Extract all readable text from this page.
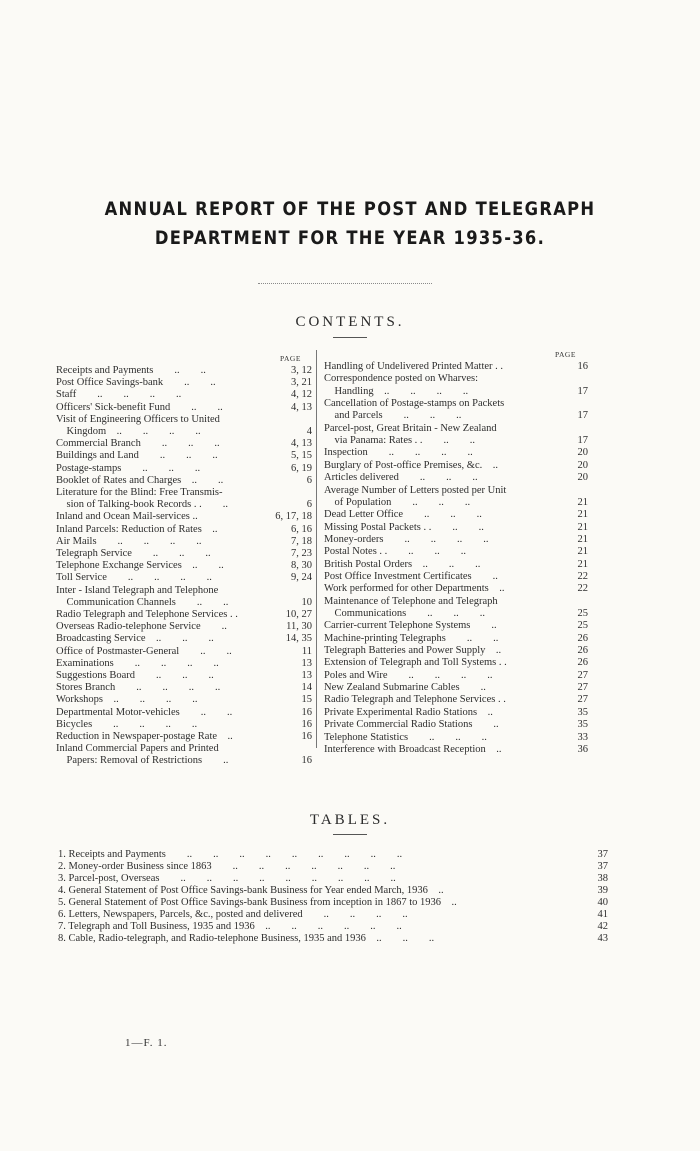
ANNUAL REPORT OF THE POST AND TELEGRAPH
DEPARTMENT FOR THE YEAR 1935-36.
CONTENTS.
PAGE	PAGE
Receipts and Payments  ..  ..	3, 12
Post Office Savings-bank  ..  ..	3, 21
Staff  ..  ..  ..  ..	4, 12
Officers' Sick-benefit Fund  ..  ..	4, 13
Visit of Engineering Officers to United
 Kingdom ..  ..  ..  ..	4
Commercial Branch  ..  ..  ..	4, 13
Buildings and Land  ..  ..  ..	5, 15
Postage-stamps  ..  ..  ..	6, 19
Booklet of Rates and Charges ..  ..	6
Literature for the Blind: Free Transmis-
 sion of Talking-book Records . .  ..	6
Inland and Ocean Mail-services ..	6, 17, 18
Inland Parcels: Reduction of Rates ..	6, 16
Air Mails  ..  ..  ..  ..	7, 18
Telegraph Service  ..  ..  ..	7, 23
Telephone Exchange Services ..  ..	8, 30
Toll Service  ..  ..  ..  ..	9, 24
Inter - Island Telegraph and Telephone
 Communication Channels  ..  ..	10
Radio Telegraph and Telephone Services . .	10, 27
Overseas Radio-telephone Service  ..	11, 30
Broadcasting Service ..  ..  ..	14, 35
Office of Postmaster-General  ..  ..	11
Examinations  ..  ..  ..  ..	13
Suggestions Board  ..  ..  ..	13
Stores Branch  ..  ..  ..  ..	14
Workshops ..  ..  ..  ..	15
Departmental Motor-vehicles  ..  ..	16
Bicycles  ..  ..  ..  ..	16
Reduction in Newspaper-postage Rate ..	16
Inland Commercial Papers and Printed
 Papers: Removal of Restrictions  ..	16
Handling of Undelivered Printed Matter . .	16
Correspondence posted on Wharves:
 Handling ..  ..  ..  ..	17
Cancellation of Postage-stamps on Packets
 and Parcels  ..  ..  ..	17
Parcel-post, Great Britain - New Zealand
 via Panama: Rates . .  ..  ..	17
Inspection  ..  ..  ..  ..	20
Burglary of Post-office Premises, &c. ..	20
Articles delivered  ..  ..  ..	20
Average Number of Letters posted per Unit
 of Population  ..  ..  ..	21
Dead Letter Office  ..  ..  ..	21
Missing Postal Packets . .  ..  ..	21
Money-orders  ..  ..  ..  ..	21
Postal Notes . .  ..  ..  ..	21
British Postal Orders ..  ..  ..	21
Post Office Investment Certificates  ..	22
Work performed for other Departments ..	22
Maintenance of Telephone and Telegraph
 Communications  ..  ..  ..	25
Carrier-current Telephone Systems  ..	25
Machine-printing Telegraphs  ..  ..	26
Telegraph Batteries and Power Supply ..	26
Extension of Telegraph and Toll Systems . .	26
Poles and Wire  ..  ..  ..  ..	27
New Zealand Submarine Cables  ..	27
Radio Telegraph and Telephone Services . .	27
Private Experimental Radio Stations ..	35
Private Commercial Radio Stations  ..	35
Telephone Statistics  ..  ..  ..	33
Interference with Broadcast Reception ..	36
TABLES.
1. Receipts and Payments  ..  ..  ..  ..  ..  ..  ..  ..  ..	37
2. Money-order Business since 1863  ..  ..  ..  ..  ..  ..  ..	37
3. Parcel-post, Overseas  ..  ..  ..  ..  ..  ..  ..  ..  ..	38
4. General Statement of Post Office Savings-bank Business for Year ended March, 1936 ..	39
5. General Statement of Post Office Savings-bank Business from inception in 1867 to 1936 ..	40
6. Letters, Newspapers, Parcels, &c., posted and delivered  ..  ..  ..  ..	41
7. Telegraph and Toll Business, 1935 and 1936 ..  ..  ..  ..  ..  ..	42
8. Cable, Radio-telegraph, and Radio-telephone Business, 1935 and 1936 ..  ..  ..	43
1—F. 1.
